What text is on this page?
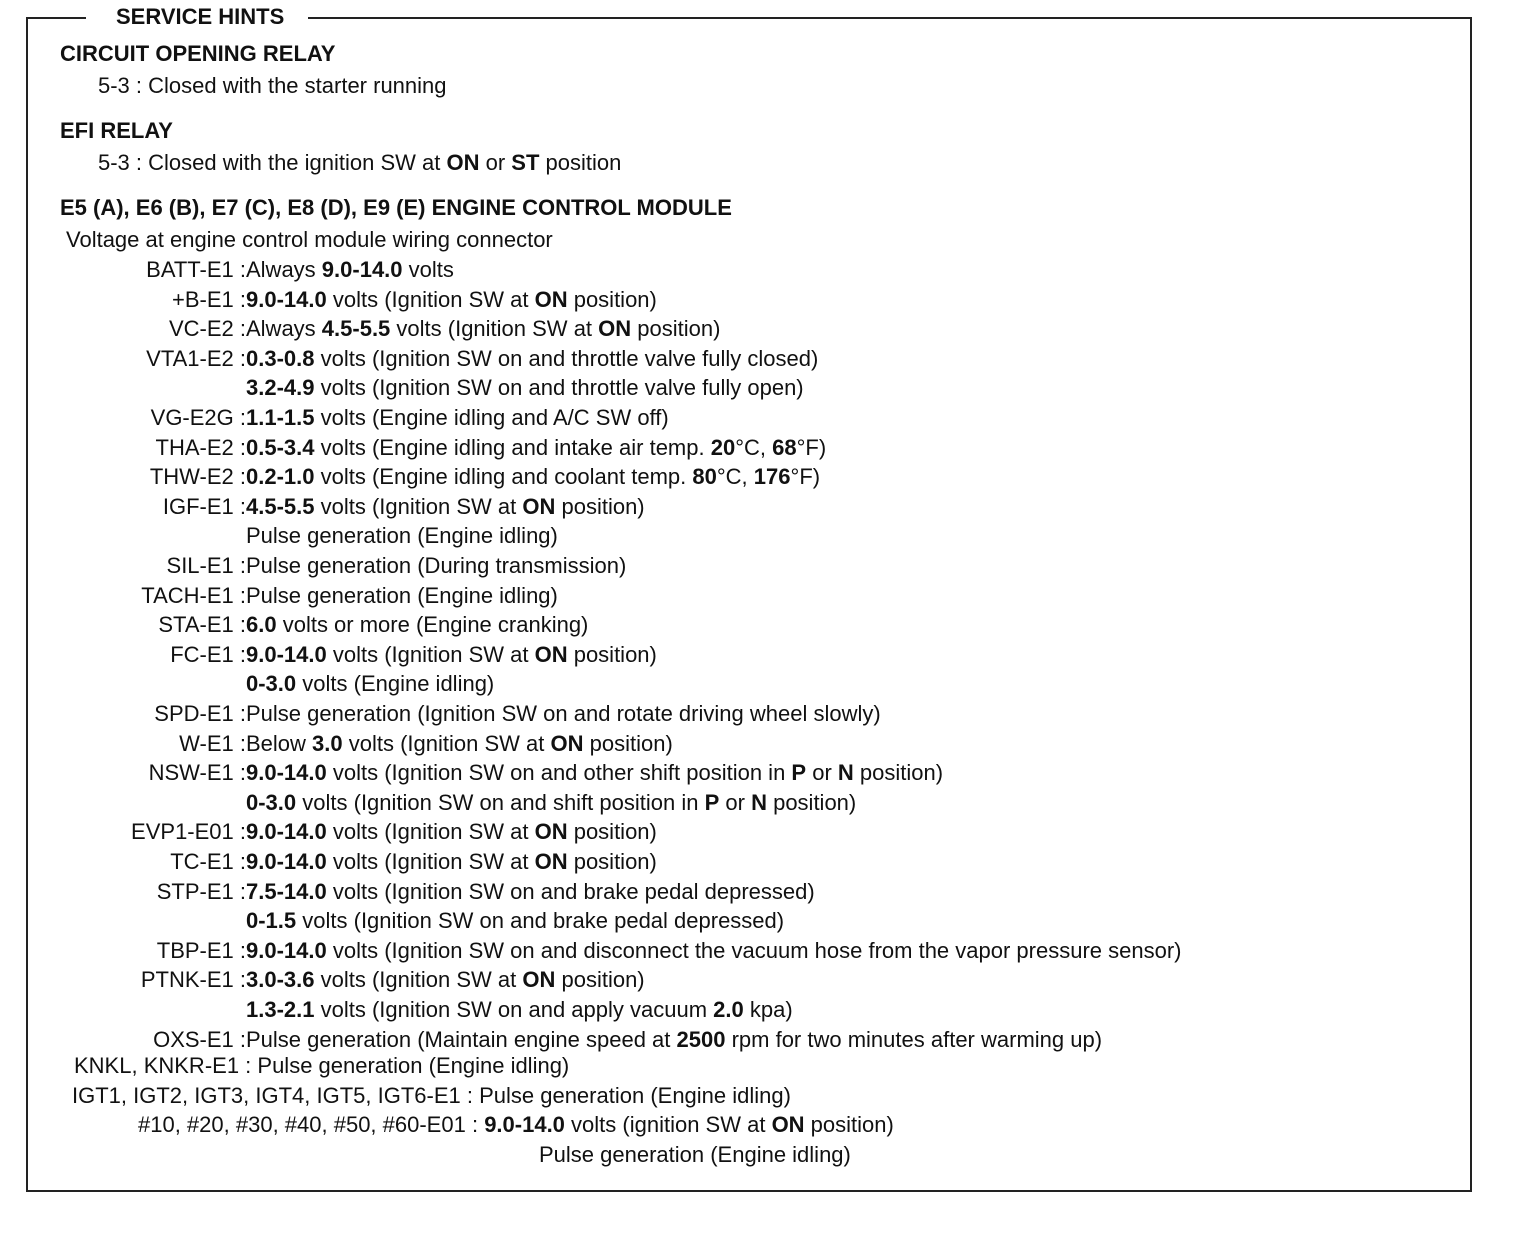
SERVICE HINTS
CIRCUIT OPENING RELAY
5-3 : Closed with the starter running
EFI RELAY
5-3 : Closed with the ignition SW at ON or ST position
E5 (A), E6 (B), E7 (C), E8 (D), E9 (E) ENGINE CONTROL MODULE
Voltage at engine control module wiring connector
BATT-E1 : Always 9.0-14.0 volts
+B-E1 : 9.0-14.0 volts (Ignition SW at ON position)
VC-E2 : Always 4.5-5.5 volts (Ignition SW at ON position)
VTA1-E2 : 0.3-0.8 volts (Ignition SW on and throttle valve fully closed)
3.2-4.9 volts (Ignition SW on and throttle valve fully open)
VG-E2G : 1.1-1.5 volts (Engine idling and A/C SW off)
THA-E2 : 0.5-3.4 volts (Engine idling and intake air temp. 20°C, 68°F)
THW-E2 : 0.2-1.0 volts (Engine idling and coolant temp. 80°C, 176°F)
IGF-E1 : 4.5-5.5 volts (Ignition SW at ON position)
Pulse generation (Engine idling)
SIL-E1 : Pulse generation (During transmission)
TACH-E1 : Pulse generation (Engine idling)
STA-E1 : 6.0 volts or more (Engine cranking)
FC-E1 : 9.0-14.0 volts (Ignition SW at ON position)
0-3.0 volts (Engine idling)
SPD-E1 : Pulse generation (Ignition SW on and rotate driving wheel slowly)
W-E1 : Below 3.0 volts (Ignition SW at ON position)
NSW-E1 : 9.0-14.0 volts (Ignition SW on and other shift position in P or N position)
0-3.0 volts (Ignition SW on and shift position in P or N position)
EVP1-E01 : 9.0-14.0 volts (Ignition SW at ON position)
TC-E1 : 9.0-14.0 volts (Ignition SW at ON position)
STP-E1 : 7.5-14.0 volts (Ignition SW on and brake pedal depressed)
0-1.5 volts (Ignition SW on and brake pedal depressed)
TBP-E1 : 9.0-14.0 volts (Ignition SW on and disconnect the vacuum hose from the vapor pressure sensor)
PTNK-E1 : 3.0-3.6 volts (Ignition SW at ON position)
1.3-2.1 volts (Ignition SW on and apply vacuum 2.0 kpa)
OXS-E1 : Pulse generation (Maintain engine speed at 2500 rpm for two minutes after warming up)
KNKL, KNKR-E1 : Pulse generation (Engine idling)
IGT1, IGT2, IGT3, IGT4, IGT5, IGT6-E1 : Pulse generation (Engine idling)
#10, #20, #30, #40, #50, #60-E01 : 9.0-14.0 volts (ignition SW at ON position)
Pulse generation (Engine idling)
